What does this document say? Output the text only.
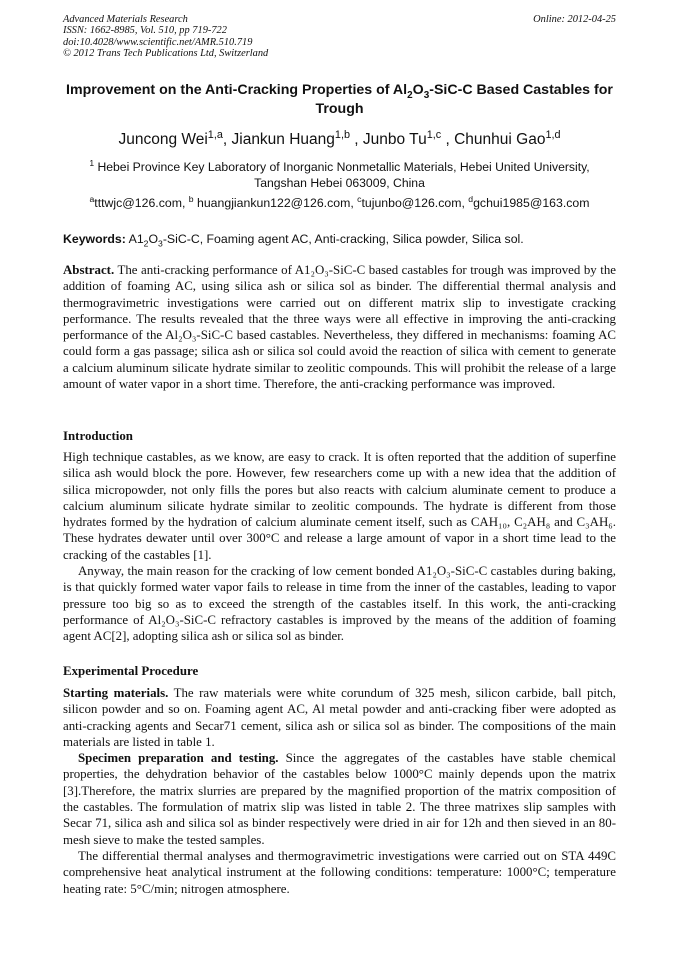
Advanced Materials Research
ISSN: 1662-8985, Vol. 510, pp 719-722
doi:10.4028/www.scientific.net/AMR.510.719
© 2012 Trans Tech Publications Ltd, Switzerland
Online: 2012-04-25
Improvement on the Anti-Cracking Properties of $Al_2O_3-SiC-C$ Based Castables for Trough
Juncong Wei$^{1,a}$, Jiankun Huang$^{1,b}$ , Junbo Tu$^{1,c}$ , Chunhui Gao$^{1,d}$
$^1$ Hebei Province Key Laboratory of Inorganic Nonmetallic Materials, Hebei United University,
Tangshan Hebei 063009, China
$^a$tttwjc@126.com, $^b$ huangjiankun122@126.com, $^c$tujunbo@126.com, $^d$gchui1985@163.com
Keywords: $A1_2O_3-SiC-C$, Foaming agent AC, Anti-cracking, Silica powder, Silica sol.

Abstract. The anti-cracking performance of A1₂O₃-SiC-C based castables for trough was improved by the addition of foaming AC, using silica ash or silica sol as binder. The differential thermal analysis and thermogravimetric investigations were carried out on different matrix slip to investigate cracking performance. The results revealed that the three ways were all effective in improving the anti-cracking performance of the Al₂O₃-SiC-C based castables. Nevertheless, they differed in mechanisms: foaming AC could form a gas passage; silica ash or silica sol could avoid the reaction of silica with cement to generate a calcium aluminum silicate hydrate similar to zeolitic compounds. This will prohibit the release of a large amount of water vapor in a short time. Therefore, the anti-cracking performance was improved.

Introduction

High technique castables, as we know, are easy to crack. It is often reported that the addition of superfine silica ash would block the pore. However, few researchers come up with a new idea that the addition of silica micropowder, not only fills the pores but also reacts with calcium aluminate cement to produce a calcium aluminum silicate hydrate similar to zeolitic compounds. The hydrate is different from those hydrates formed by the hydration of calcium aluminate cement itself, such as CAH₁₀, C₂AH₈ and C₃AH₆. These hydrates dewater until over 300°C and release a large amount of vapor in a short time lead to the cracking of the castables [1].

Anyway, the main reason for the cracking of low cement bonded A1₂O₃-SiC-C castables during baking, is that quickly formed water vapor fails to release in time from the inner of the castables, leading to vapor pressure too big so as to exceed the strength of the castables itself. In this work, the anti-cracking performance of Al₂O₃-SiC-C refractory castables is improved by the means of the addition of foaming agent AC[2], adopting silica ash or silica sol as binder.

Experimental Procedure

Starting materials. The raw materials were white corundum of 325 mesh, silicon carbide, ball pitch, silicon powder and so on. Foaming agent AC, Al metal powder and anti-cracking fiber were adopted as anti-cracking agents and Secar71 cement, silica ash or silica sol as binder. The compositions of the main materials are listed in table 1.

Specimen preparation and testing. Since the aggregates of the castables have stable chemical properties, the dehydration behavior of the castables below 1000°C mainly depends upon the matrix [3].Therefore, the matrix slurries are prepared by the magnified proportion of the matrix composition of the castables. The formulation of matrix slip was listed in table 2. The three matrixes slip samples with Secar 71, silica ash and silica sol as binder respectively were dried in air for 12h and then sieved in an 80-mesh sieve to make the tested samples.

The differential thermal analyses and thermogravimetric investigations were carried out on STA 449C comprehensive heat analytical instrument at the following conditions: temperature: 1000°C; temperature heating rate: 5°C/min; nitrogen atmosphere.
